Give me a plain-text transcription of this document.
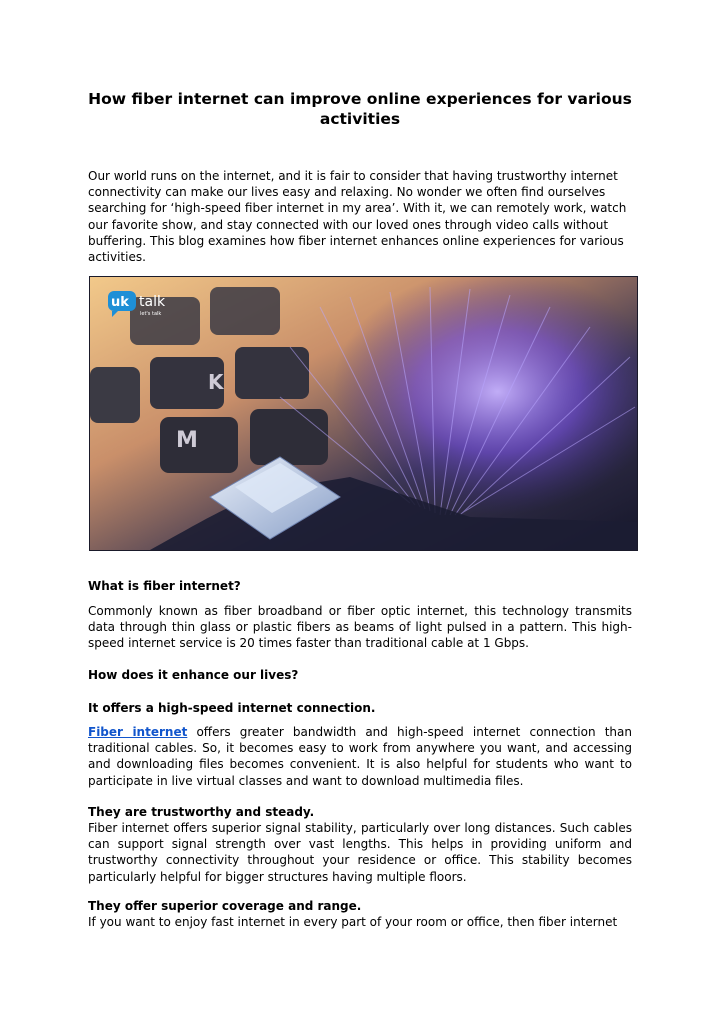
How fiber internet can improve online experiences for various activities
Our world runs on the internet, and it is fair to consider that having trustworthy internet connectivity can make our lives easy and relaxing. No wonder we often find ourselves searching for ‘high-speed fiber internet in my area’. With it, we can remotely work, watch our favorite show, and stay connected with our loved ones through video calls without buffering. This blog examines how fiber internet enhances online experiences for various activities.
K
M
uk talk
let's talk
What is fiber internet?
Commonly known as fiber broadband or fiber optic internet, this technology transmits data through thin glass or plastic fibers as beams of light pulsed in a pattern. This high-speed internet service is 20 times faster than traditional cable at 1 Gbps.
How does it enhance our lives?
It offers a high-speed internet connection.
Fiber internet offers greater bandwidth and high-speed internet connection than traditional cables. So, it becomes easy to work from anywhere you want, and accessing and downloading files becomes convenient. It is also helpful for students who want to participate in live virtual classes and want to download multimedia files.
They are trustworthy and steady.
Fiber internet offers superior signal stability, particularly over long distances. Such cables can support signal strength over vast lengths. This helps in providing uniform and trustworthy connectivity throughout your residence or office. This stability becomes particularly helpful for bigger structures having multiple floors.
They offer superior coverage and range.
If you want to enjoy fast internet in every part of your room or office, then fiber internet
